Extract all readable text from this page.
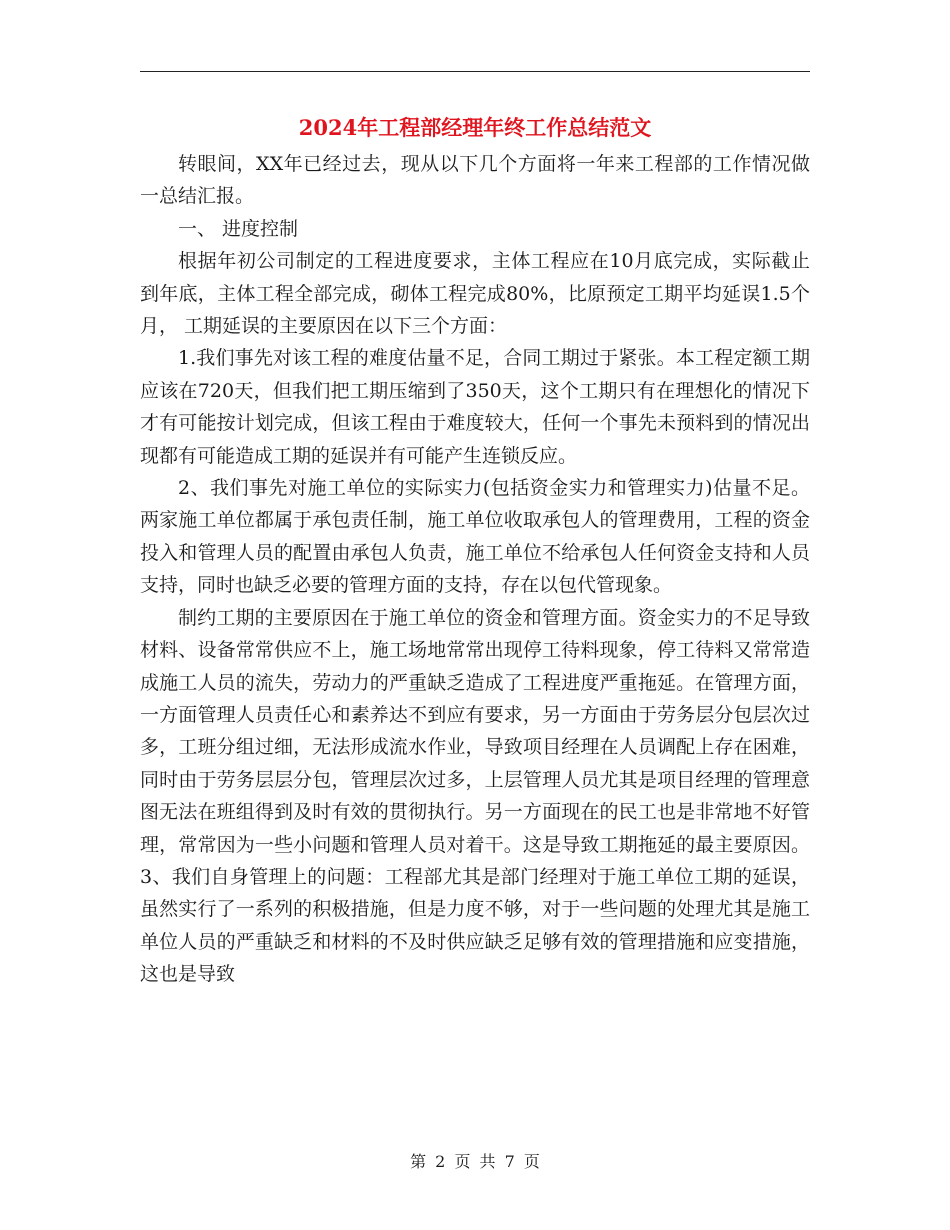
2024年工程部经理年终工作总结范文

转眼间，XX年已经过去，现从以下几个方面将一年来工程部的工作情况做一总结汇报。

一、 进度控制

根据年初公司制定的工程进度要求，主体工程应在10月底完成，实际截止到年底，主体工程全部完成，砌体工程完成80%，比原预定工期平均延误1.5个月， 工期延误的主要原因在以下三个方面：

1.我们事先对该工程的难度估量不足，合同工期过于紧张。本工程定额工期应该在720天，但我们把工期压缩到了350天，这个工期只有在理想化的情况下才有可能按计划完成，但该工程由于难度较大，任何一个事先未预料到的情况出现都有可能造成工期的延误并有可能产生连锁反应。

2、我们事先对施工单位的实际实力(包括资金实力和管理实力)估量不足。两家施工单位都属于承包责任制，施工单位收取承包人的管理费用，工程的资金投入和管理人员的配置由承包人负责，施工单位不给承包人任何资金支持和人员支持，同时也缺乏必要的管理方面的支持，存在以包代管现象。

制约工期的主要原因在于施工单位的资金和管理方面。资金实力的不足导致材料、设备常常供应不上，施工场地常常出现停工待料现象，停工待料又常常造成施工人员的流失，劳动力的严重缺乏造成了工程进度严重拖延。在管理方面，一方面管理人员责任心和素养达不到应有要求，另一方面由于劳务层分包层次过多，工班分组过细，无法形成流水作业，导致项目经理在人员调配上存在困难，同时由于劳务层层分包，管理层次过多，上层管理人员尤其是项目经理的管理意图无法在班组得到及时有效的贯彻执行。另一方面现在的民工也是非常地不好管理，常常因为一些小问题和管理人员对着干。这是导致工期拖延的最主要原因。 3、我们自身管理上的问题：工程部尤其是部门经理对于施工单位工期的延误，虽然实行了一系列的积极措施，但是力度不够，对于一些问题的处理尤其是施工单位人员的严重缺乏和材料的不及时供应缺乏足够有效的管理措施和应变措施，这也是导致

第 2 页 共 7 页
